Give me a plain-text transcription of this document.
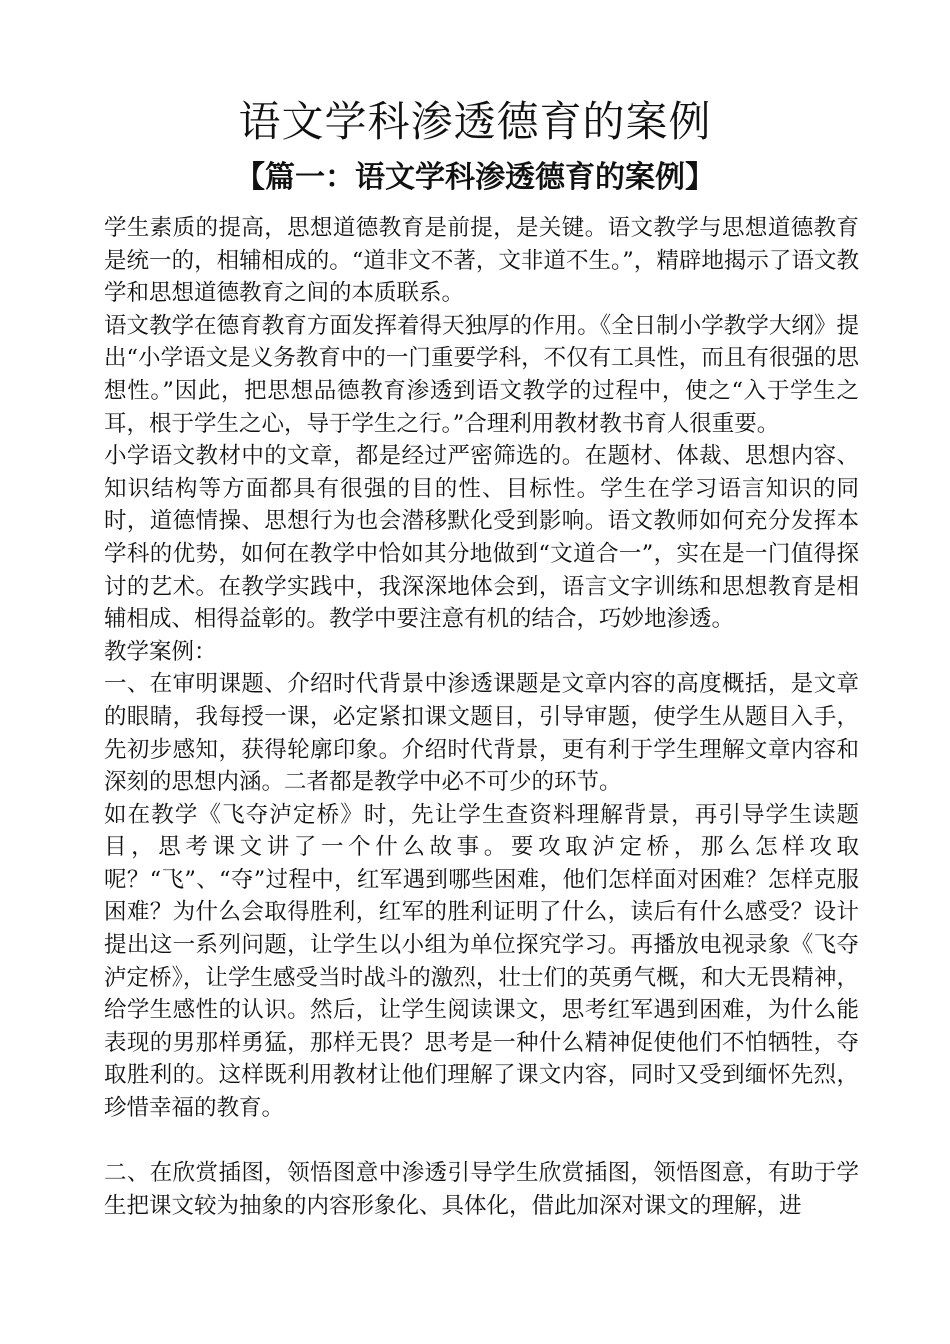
语文学科渗透德育的案例
【篇一：语文学科渗透德育的案例】

学生素质的提高，思想道德教育是前提，是关键。语文教学与思想道德教育是统一的，相辅相成的。“道非文不著，文非道不生。”，精辟地揭示了语文教学和思想道德教育之间的本质联系。

语文教学在德育教育方面发挥着得天独厚的作用。《全日制小学教学大纲》提出“小学语文是义务教育中的一门重要学科，不仅有工具性，而且有很强的思想性。”因此，把思想品德教育渗透到语文教学的过程中，使之“入于学生之耳，根于学生之心，导于学生之行。”合理利用教材教书育人很重要。

小学语文教材中的文章，都是经过严密筛选的。在题材、体裁、思想内容、知识结构等方面都具有很强的目的性、目标性。学生在学习语言知识的同时，道德情操、思想行为也会潜移默化受到影响。语文教师如何充分发挥本学科的优势，如何在教学中恰如其分地做到“文道合一”，实在是一门值得探讨的艺术。在教学实践中，我深深地体会到，语言文字训练和思想教育是相辅相成、相得益彰的。教学中要注意有机的结合，巧妙地渗透。

教学案例：

一、在审明课题、介绍时代背景中渗透课题是文章内容的高度概括，是文章的眼睛，我每授一课，必定紧扣课文题目，引导审题，使学生从题目入手，先初步感知，获得轮廓印象。介绍时代背景，更有利于学生理解文章内容和深刻的思想内涵。二者都是教学中必不可少的环节。

如在教学《飞夺泸定桥》时，先让学生查资料理解背景，再引导学生读题目，思考课文讲了一个什么故事。要攻取泸定桥，那么怎样攻取呢？“飞”、“夺”过程中，红军遇到哪些困难，他们怎样面对困难？怎样克服困难？为什么会取得胜利，红军的胜利证明了什么，读后有什么感受？设计提出这一系列问题，让学生以小组为单位探究学习。再播放电视录象《飞夺泸定桥》，让学生感受当时战斗的激烈，壮士们的英勇气概，和大无畏精神，给学生感性的认识。然后，让学生阅读课文，思考红军遇到困难，为什么能表现的男那样勇猛，那样无畏？思考是一种什么精神促使他们不怕牺牲，夺取胜利的。这样既利用教材让他们理解了课文内容，同时又受到缅怀先烈，珍惜幸福的教育。

二、在欣赏插图，领悟图意中渗透引导学生欣赏插图，领悟图意，有助于学生把课文较为抽象的内容形象化、具体化，借此加深对课文的理解，进
